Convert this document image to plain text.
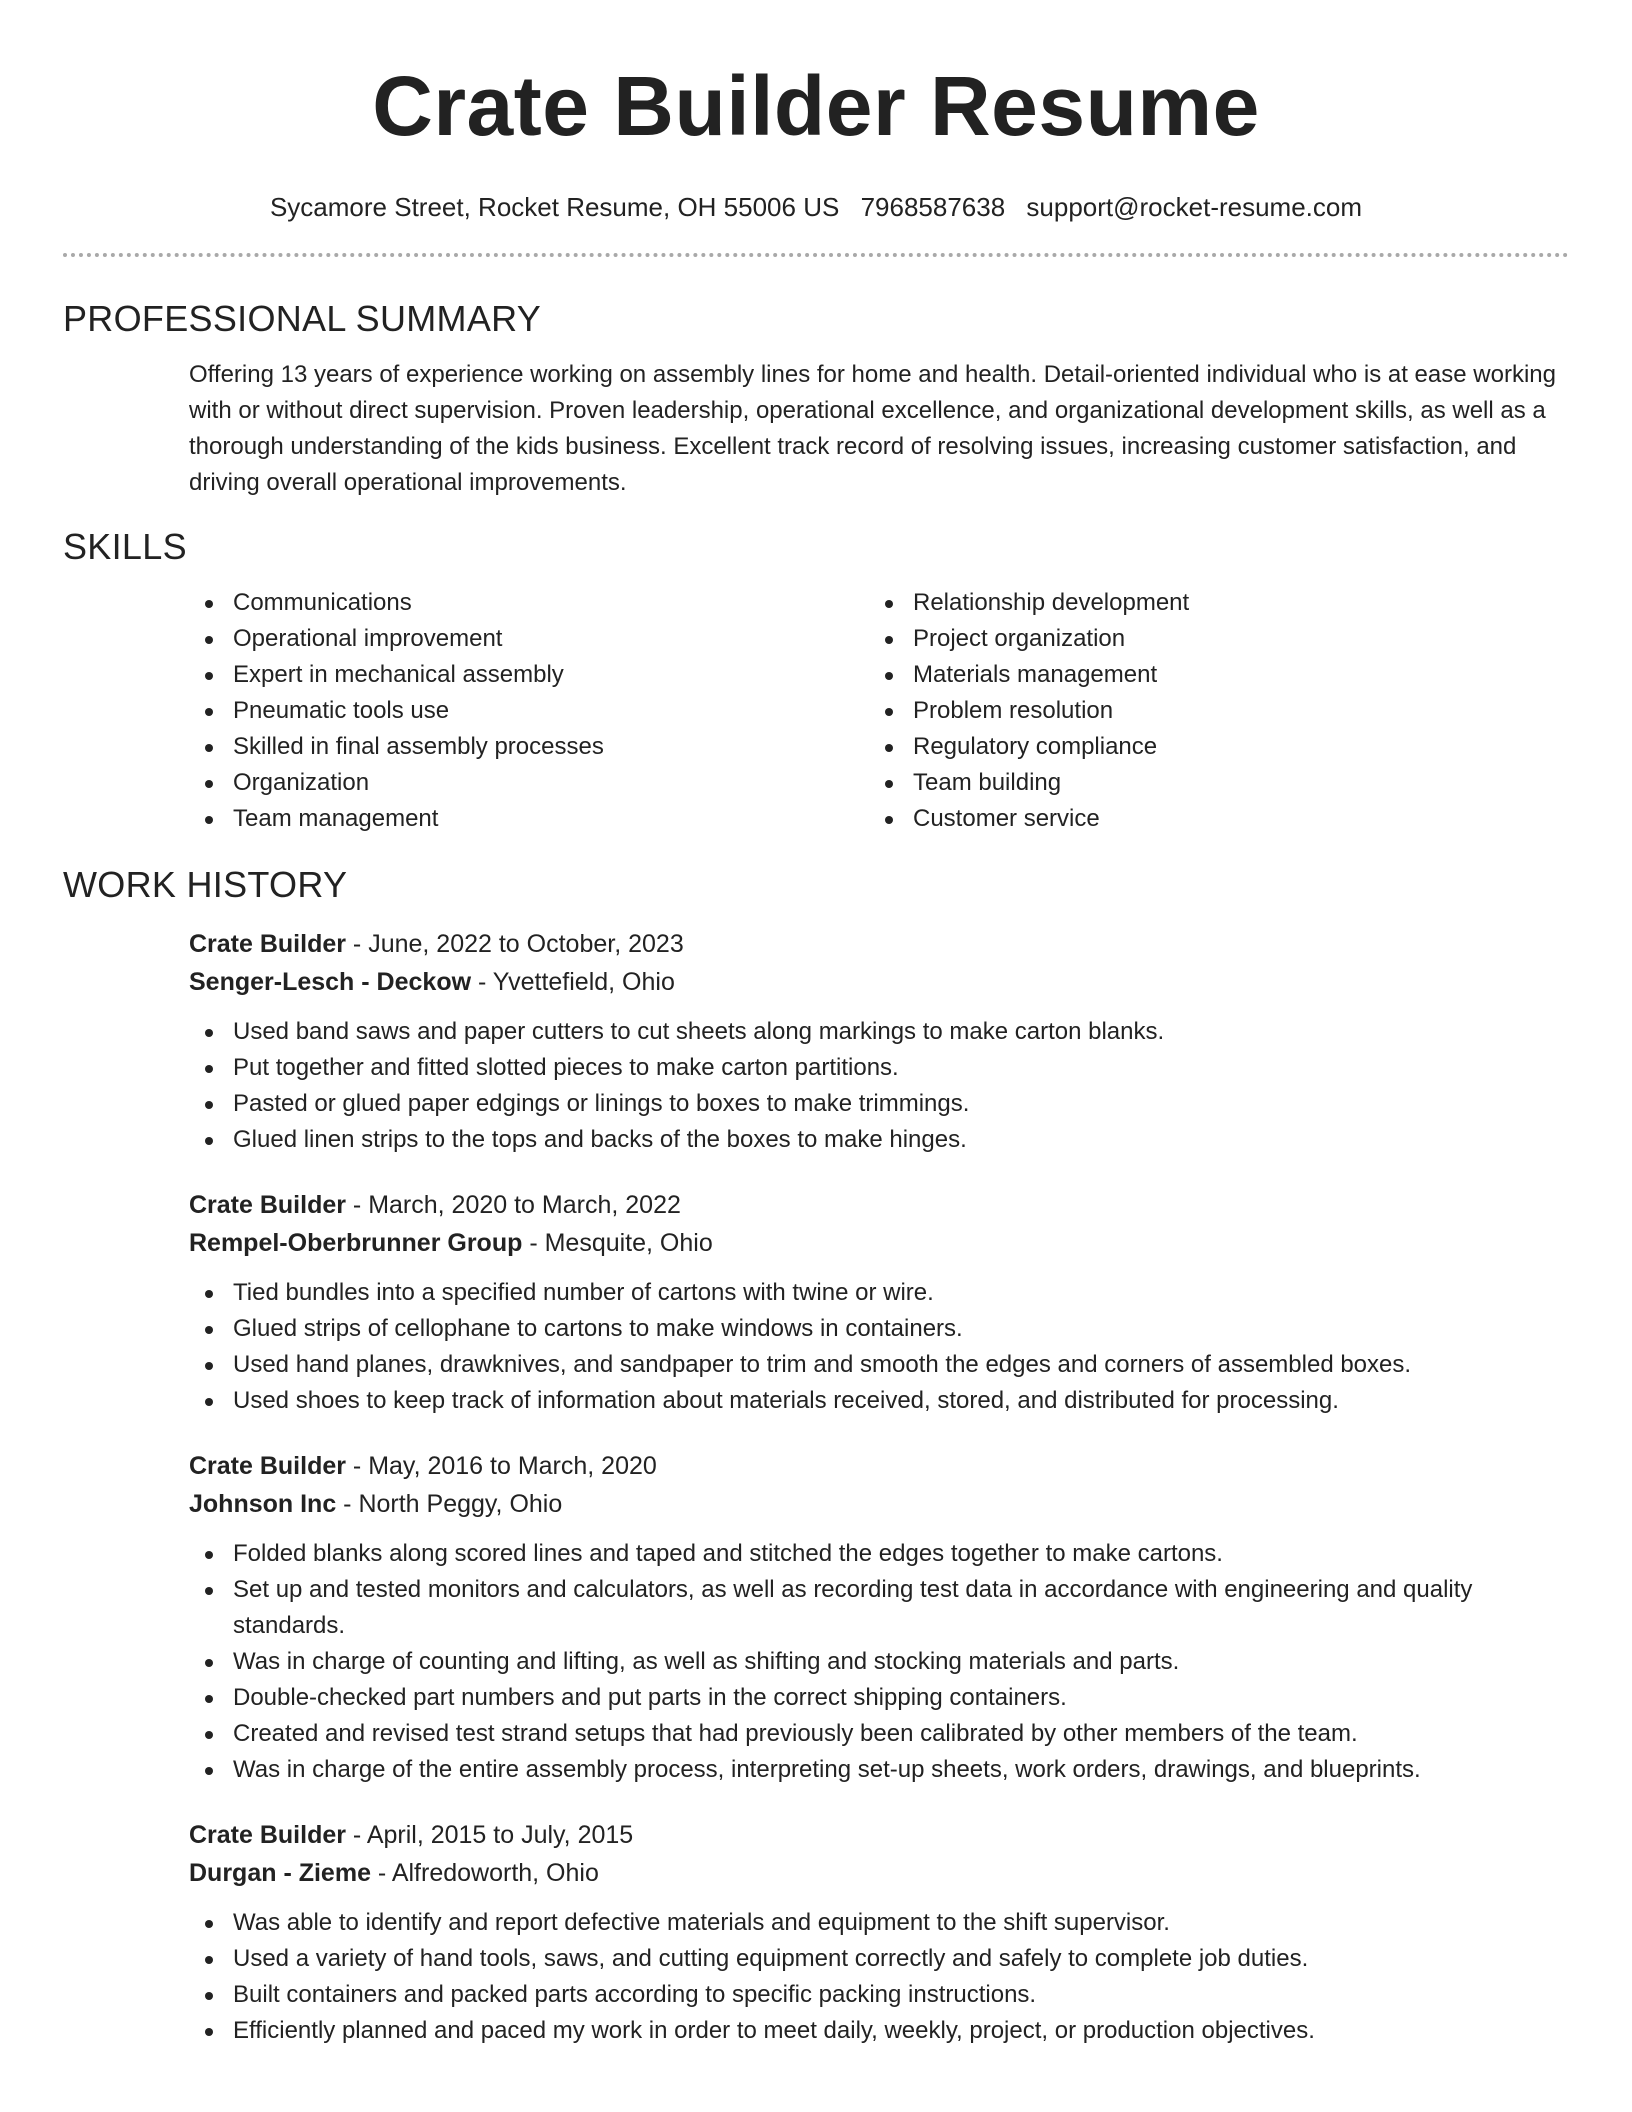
Crate Builder Resume
Sycamore Street, Rocket Resume, OH 55006 US 7968587638 support@rocket-resume.com
PROFESSIONAL SUMMARY

Offering 13 years of experience working on assembly lines for home and health. Detail-oriented individual who is at ease working with or without direct supervision. Proven leadership, operational excellence, and organizational development skills, as well as a thorough understanding of the kids business. Excellent track record of resolving issues, increasing customer satisfaction, and driving overall operational improvements.

SKILLS
Communications
Operational improvement
Expert in mechanical assembly
Pneumatic tools use
Skilled in final assembly processes
Organization
Team management
Relationship development
Project organization
Materials management
Problem resolution
Regulatory compliance
Team building
Customer service
WORK HISTORY
Crate Builder - June, 2022 to October, 2023
Senger-Lesch - Deckow - Yvettefield, Ohio
Used band saws and paper cutters to cut sheets along markings to make carton blanks.
Put together and fitted slotted pieces to make carton partitions.
Pasted or glued paper edgings or linings to boxes to make trimmings.
Glued linen strips to the tops and backs of the boxes to make hinges.
Crate Builder - March, 2020 to March, 2022
Rempel-Oberbrunner Group - Mesquite, Ohio
Tied bundles into a specified number of cartons with twine or wire.
Glued strips of cellophane to cartons to make windows in containers.
Used hand planes, drawknives, and sandpaper to trim and smooth the edges and corners of assembled boxes.
Used shoes to keep track of information about materials received, stored, and distributed for processing.
Crate Builder - May, 2016 to March, 2020
Johnson Inc - North Peggy, Ohio
Folded blanks along scored lines and taped and stitched the edges together to make cartons.
Set up and tested monitors and calculators, as well as recording test data in accordance with engineering and quality standards.
Was in charge of counting and lifting, as well as shifting and stocking materials and parts.
Double-checked part numbers and put parts in the correct shipping containers.
Created and revised test strand setups that had previously been calibrated by other members of the team.
Was in charge of the entire assembly process, interpreting set-up sheets, work orders, drawings, and blueprints.
Crate Builder - April, 2015 to July, 2015
Durgan - Zieme - Alfredoworth, Ohio
Was able to identify and report defective materials and equipment to the shift supervisor.
Used a variety of hand tools, saws, and cutting equipment correctly and safely to complete job duties.
Built containers and packed parts according to specific packing instructions.
Efficiently planned and paced my work in order to meet daily, weekly, project, or production objectives.
